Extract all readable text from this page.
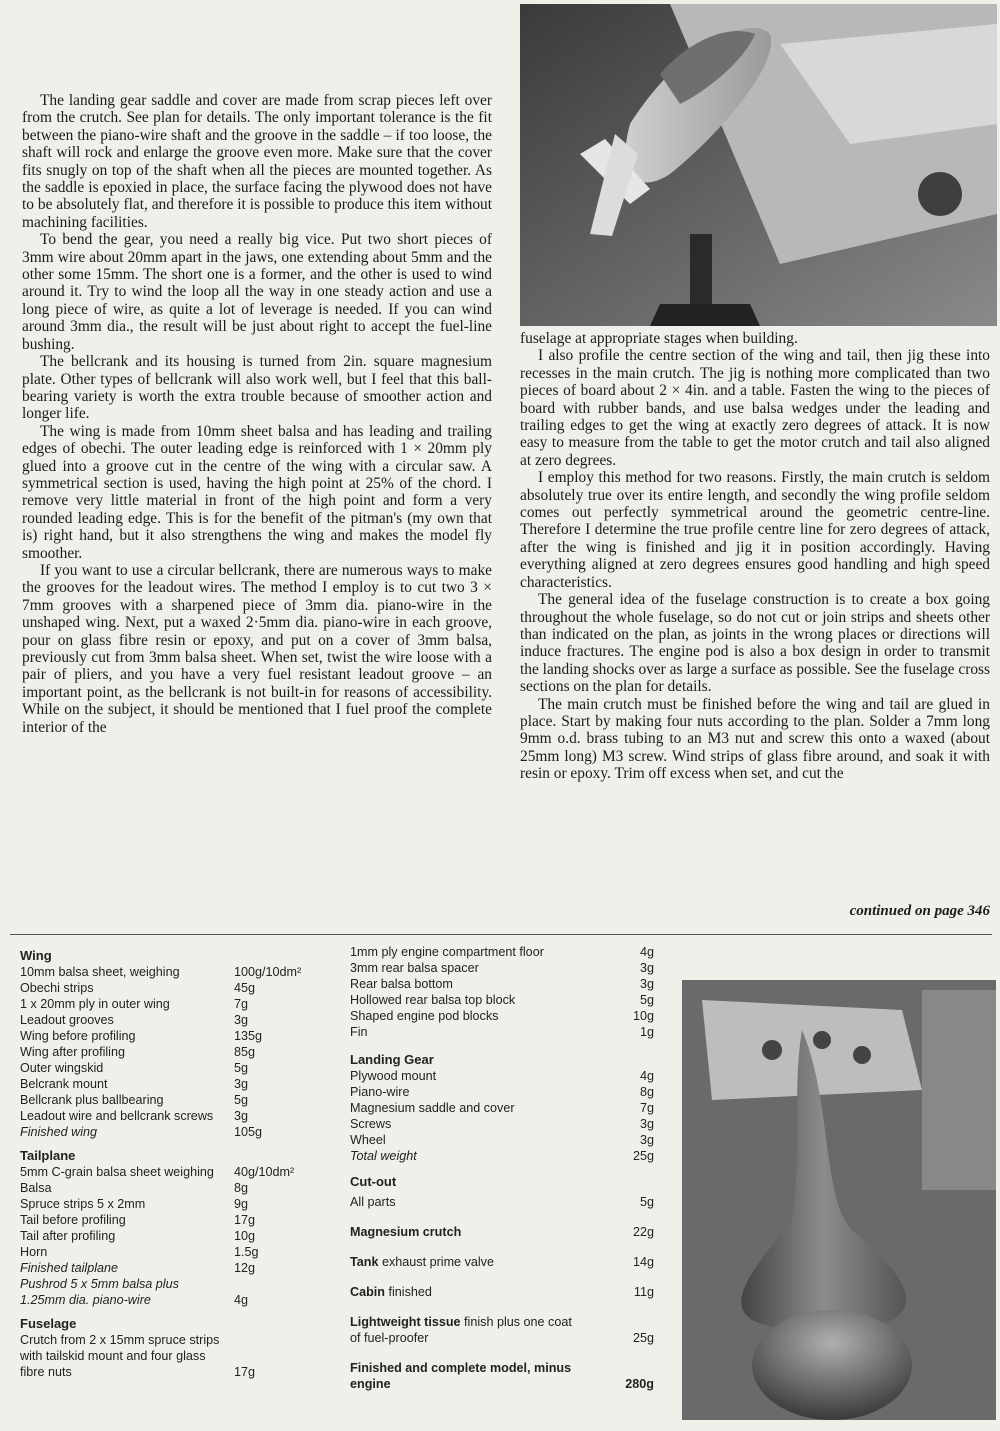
The landing gear saddle and cover are made from scrap pieces left over from the crutch. See plan for details. The only important tolerance is the fit between the piano-wire shaft and the groove in the saddle – if too loose, the shaft will rock and enlarge the groove even more. Make sure that the cover fits snugly on top of the shaft when all the pieces are mounted together. As the saddle is epoxied in place, the surface facing the plywood does not have to be absolutely flat, and therefore it is possible to produce this item without machining facilities.

To bend the gear, you need a really big vice. Put two short pieces of 3mm wire about 20mm apart in the jaws, one extending about 5mm and the other some 15mm. The short one is a former, and the other is used to wind around it. Try to wind the loop all the way in one steady action and use a long piece of wire, as quite a lot of leverage is needed. If you can wind around 3mm dia., the result will be just about right to accept the fuel-line bushing.

The bellcrank and its housing is turned from 2in. square magnesium plate. Other types of bellcrank will also work well, but I feel that this ball-bearing variety is worth the extra trouble because of smoother action and longer life.

The wing is made from 10mm sheet balsa and has leading and trailing edges of obechi. The outer leading edge is reinforced with 1 × 20mm ply glued into a groove cut in the centre of the wing with a circular saw. A symmetrical section is used, having the high point at 25% of the chord. I remove very little material in front of the high point and form a very rounded leading edge. This is for the benefit of the pitman's (my own that is) right hand, but it also strengthens the wing and makes the model fly smoother.

If you want to use a circular bellcrank, there are numerous ways to make the grooves for the leadout wires. The method I employ is to cut two 3 × 7mm grooves with a sharpened piece of 3mm dia. piano-wire in the unshaped wing. Next, put a waxed 2·5mm dia. piano-wire in each groove, pour on glass fibre resin or epoxy, and put on a cover of 3mm balsa, previously cut from 3mm balsa sheet. When set, twist the wire loose with a pair of pliers, and you have a very fuel resistant leadout groove – an important point, as the bellcrank is not built-in for reasons of accessibility. While on the subject, it should be mentioned that I fuel proof the complete interior of the

fuselage at appropriate stages when building.

I also profile the centre section of the wing and tail, then jig these into recesses in the main crutch. The jig is nothing more complicated than two pieces of board about 2 × 4in. and a table. Fasten the wing to the pieces of board with rubber bands, and use balsa wedges under the leading and trailing edges to get the wing at exactly zero degrees of attack. It is now easy to measure from the table to get the motor crutch and tail also aligned at zero degrees.

I employ this method for two reasons. Firstly, the main crutch is seldom absolutely true over its entire length, and secondly the wing profile seldom comes out perfectly symmetrical around the geometric centre-line. Therefore I determine the true profile centre line for zero degrees of attack, after the wing is finished and jig it in position accordingly. Having everything aligned at zero degrees ensures good handling and high speed characteristics.

The general idea of the fuselage construction is to create a box going throughout the whole fuselage, so do not cut or join strips and sheets other than indicated on the plan, as joints in the wrong places or directions will induce fractures. The engine pod is also a box design in order to transmit the landing shocks over as large a surface as possible. See the fuselage cross sections on the plan for details.

The main crutch must be finished before the wing and tail are glued in place. Start by making four nuts according to the plan. Solder a 7mm long 9mm o.d. brass tubing to an M3 nut and screw this onto a waxed (about 25mm long) M3 screw. Wind strips of glass fibre around, and soak it with resin or epoxy. Trim off excess when set, and cut the

continued on page 346
Wing
10mm balsa sheet, weighing	100g/10dm²
Obechi strips	45g
1 x 20mm ply in outer wing	7g
Leadout grooves	3g
Wing before profiling	135g
Wing after profiling	85g
Outer wingskid	5g
Belcrank mount	3g
Bellcrank plus ballbearing	5g
Leadout wire and bellcrank screws	3g
Finished wing	105g
Tailplane
5mm C-grain balsa sheet weighing	40g/10dm²
Balsa	8g
Spruce strips 5 x 2mm	9g
Tail before profiling	17g
Tail after profiling	10g
Horn	1.5g
Finished tailplane	12g
Pushrod 5 x 5mm balsa plus 1.25mm dia. piano-wire	4g
Fuselage
Crutch from 2 x 15mm spruce strips with tailskid mount and four glass fibre nuts	17g
1mm ply engine compartment floor	4g
3mm rear balsa spacer	3g
Rear balsa bottom	3g
Hollowed rear balsa top block	5g
Shaped engine pod blocks	10g
Fin	1g
Landing Gear
Plywood mount	4g
Piano-wire	8g
Magnesium saddle and cover	7g
Screws	3g
Wheel	3g
Total weight	25g
Cut-out
All parts	5g
Magnesium crutch	22g
Tank exhaust prime valve	14g
Cabin finished	11g
Lightweight tissue finish plus one coat of fuel-proofer	25g
Finished and complete model, minus engine	280g
